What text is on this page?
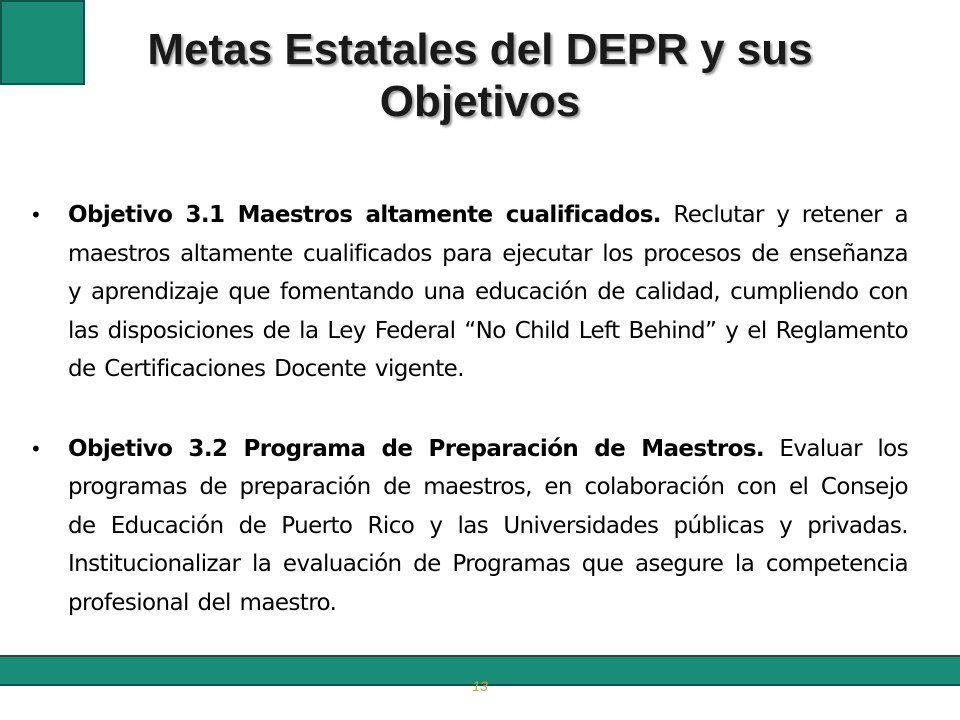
Metas Estatales del DEPR y sus Objetivos
• Objetivo 3.1 Maestros altamente cualificados. Reclutar y retener a maestros altamente cualificados para ejecutar los procesos de enseñanza y aprendizaje que fomentando una educación de calidad, cumpliendo con las disposiciones de la Ley Federal “No Child Left Behind” y el Reglamento de Certificaciones Docente vigente.
• Objetivo 3.2 Programa de Preparación de Maestros. Evaluar los programas de preparación de maestros, en colaboración con el Consejo de Educación de Puerto Rico y las Universidades públicas y privadas. Institucionalizar la evaluación de Programas que asegure la competencia profesional del maestro.
13
